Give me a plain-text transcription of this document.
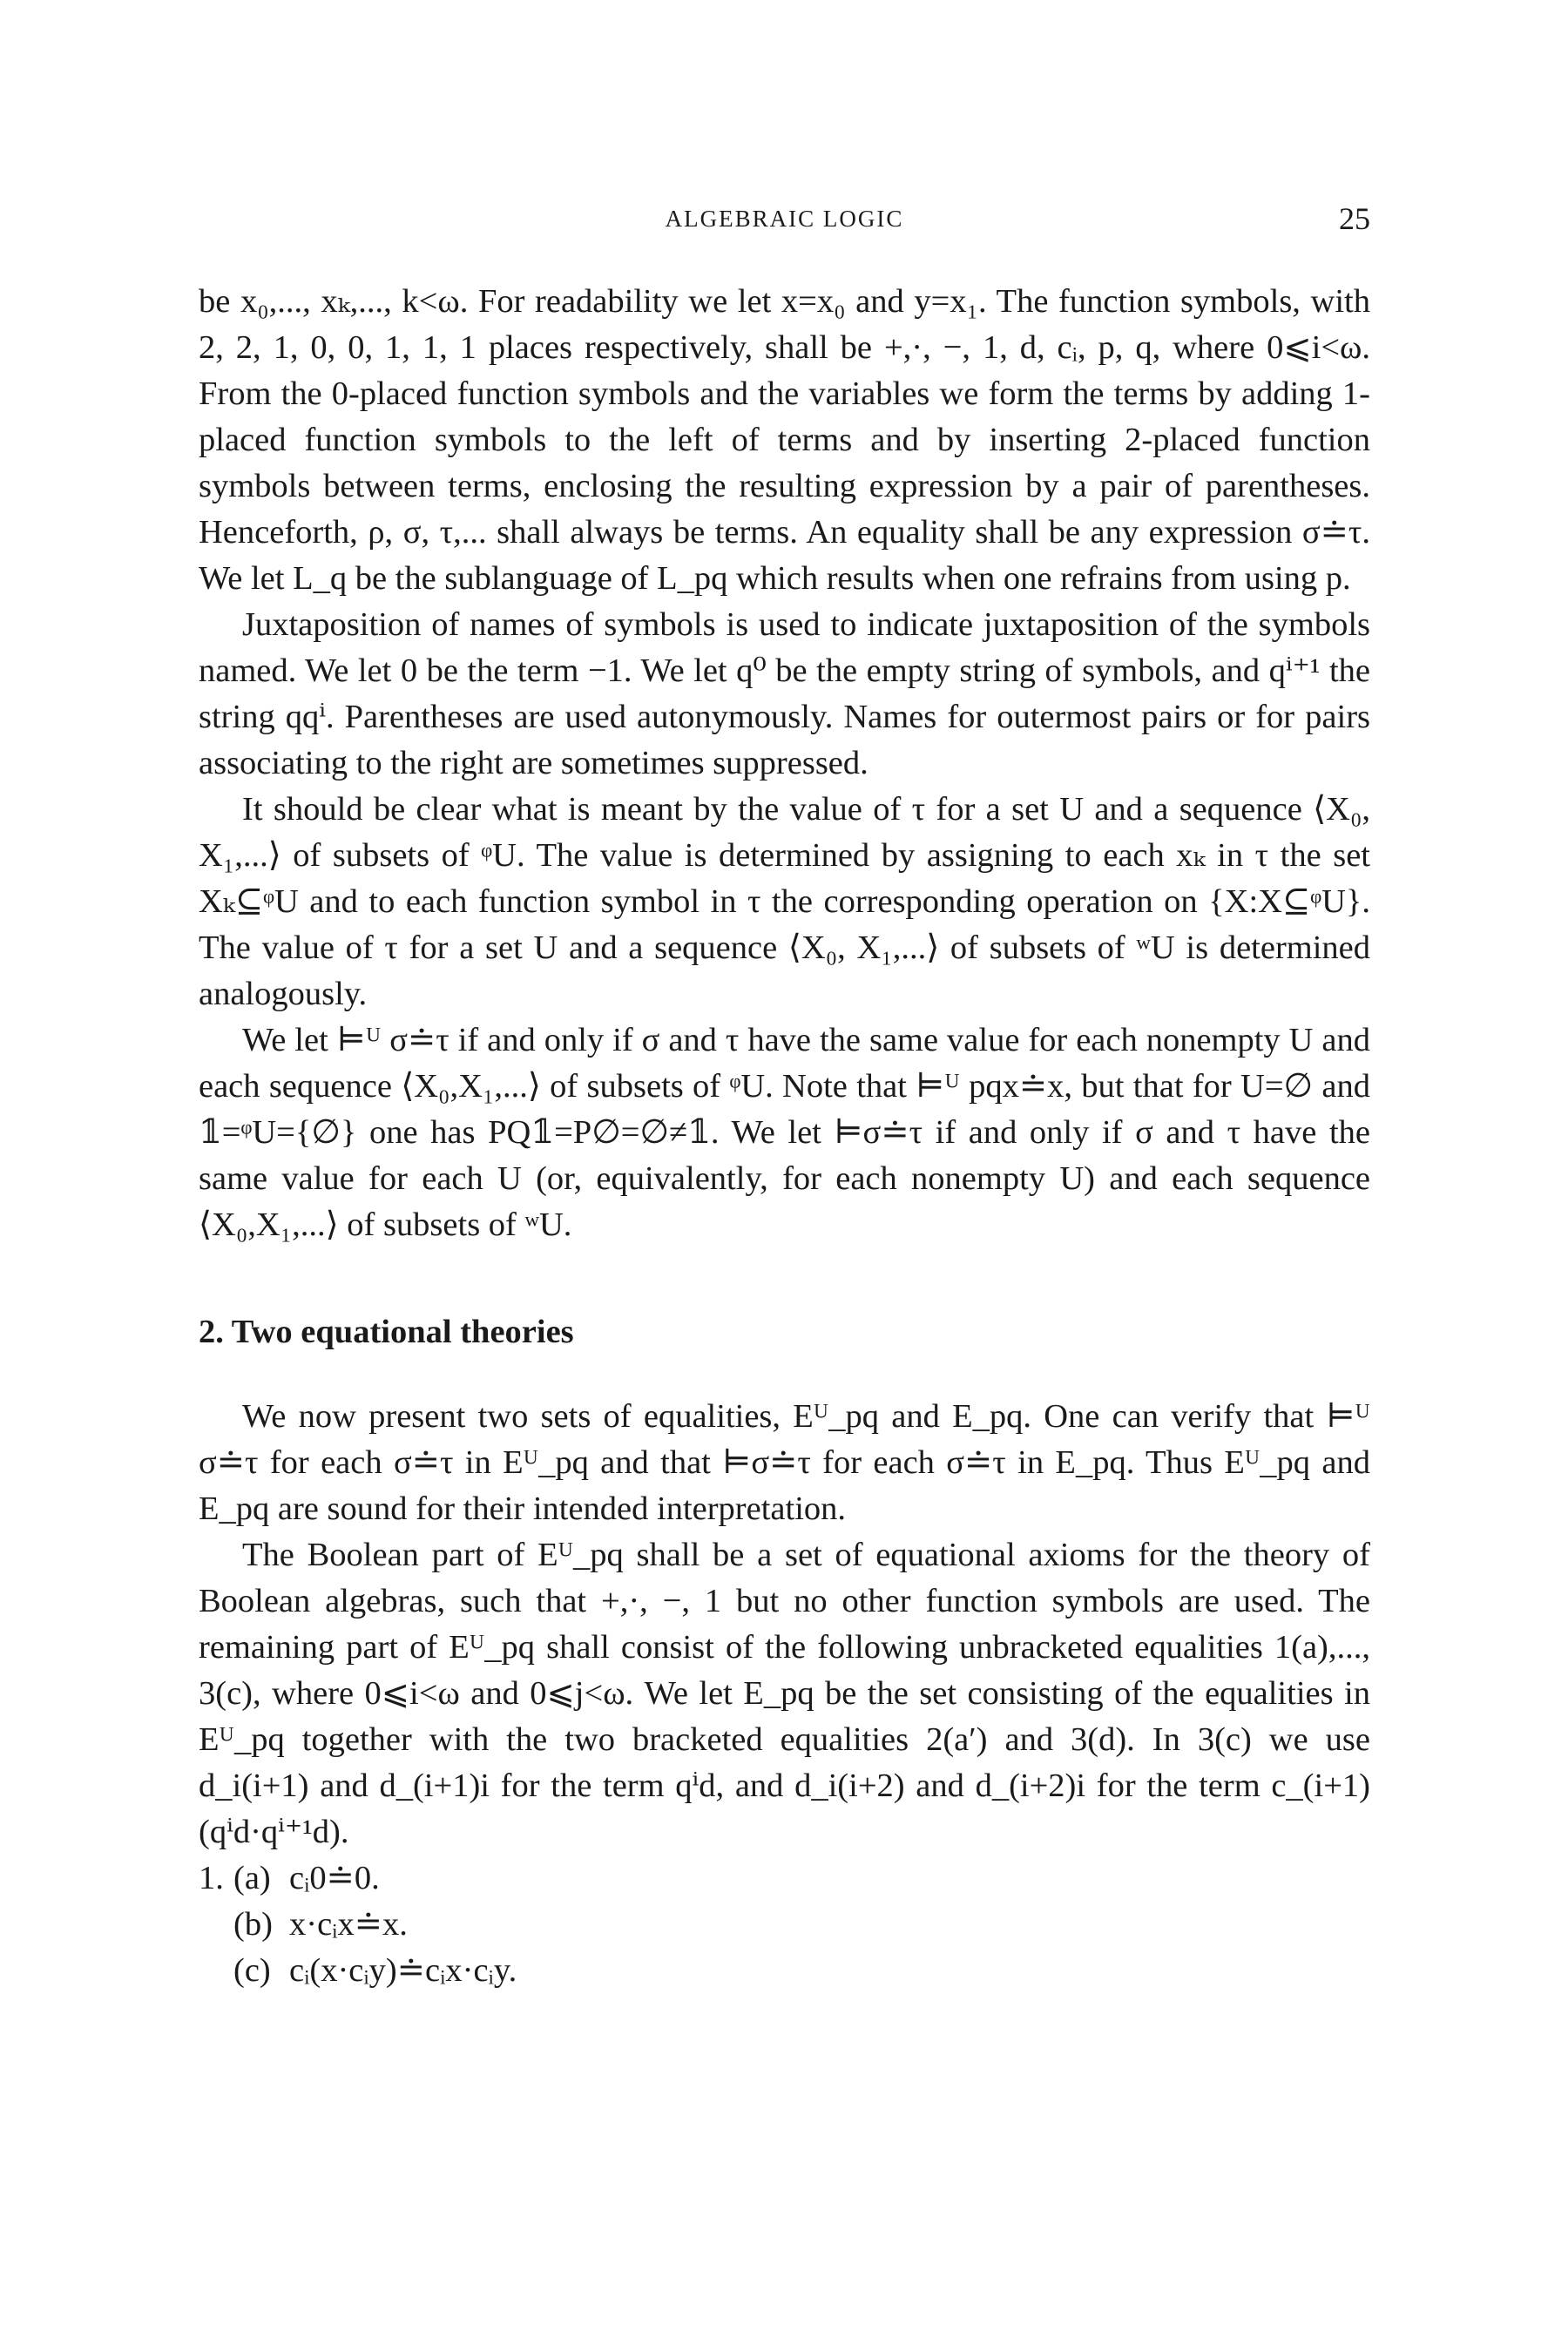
ALGEBRAIC LOGIC	25

be x₀,..., xₖ,..., k<ω. For readability we let x=x₀ and y=x₁. The function symbols, with 2, 2, 1, 0, 0, 1, 1, 1 places respectively, shall be +,·, −, 1, d, cᵢ, p, q, where 0⩽i<ω. From the 0-placed function symbols and the variables we form the terms by adding 1-placed function symbols to the left of terms and by inserting 2-placed function symbols between terms, enclosing the resulting expression by a pair of parentheses. Henceforth, ρ, σ, τ,... shall always be terms. An equality shall be any expression σ≐τ. We let L_q be the sublanguage of L_pq which results when one refrains from using p.

Juxtaposition of names of symbols is used to indicate juxtaposition of the symbols named. We let 0 be the term −1. We let q⁰ be the empty string of symbols, and qⁱ⁺¹ the string qqⁱ. Parentheses are used autonymously. Names for outermost pairs or for pairs associating to the right are sometimes suppressed.

It should be clear what is meant by the value of τ for a set U and a sequence ⟨X₀, X₁,...⟩ of subsets of ᵠU. The value is determined by assigning to each xₖ in τ the set Xₖ⊆ᵠU and to each function symbol in τ the corresponding operation on {X:X⊆ᵠU}. The value of τ for a set U and a sequence ⟨X₀, X₁,...⟩ of subsets of ʷU is determined analogously.

We let ⊨ᵁ σ≐τ if and only if σ and τ have the same value for each nonempty U and each sequence ⟨X₀,X₁,...⟩ of subsets of ᵠU. Note that ⊨ᵁ pqx≐x, but that for U=∅ and 𝟙=ᵠU={∅} one has PQ𝟙=P∅=∅≠𝟙. We let ⊨σ≐τ if and only if σ and τ have the same value for each U (or, equivalently, for each nonempty U) and each sequence ⟨X₀,X₁,...⟩ of subsets of ʷU.

2. Two equational theories

We now present two sets of equalities, Eᵁ_pq and E_pq. One can verify that ⊨ᵁ σ≐τ for each σ≐τ in Eᵁ_pq and that ⊨σ≐τ for each σ≐τ in E_pq. Thus Eᵁ_pq and E_pq are sound for their intended interpretation.

The Boolean part of Eᵁ_pq shall be a set of equational axioms for the theory of Boolean algebras, such that +,·, −, 1 but no other function symbols are used. The remaining part of Eᵁ_pq shall consist of the following unbracketed equalities 1(a),..., 3(c), where 0⩽i<ω and 0⩽j<ω. We let E_pq be the set consisting of the equalities in Eᵁ_pq together with the two bracketed equalities 2(a′) and 3(d). In 3(c) we use d_i(i+1) and d_(i+1)i for the term qⁱd, and d_i(i+2) and d_(i+2)i for the term c_(i+1)(qⁱd·qⁱ⁺¹d).

1. (a) cᵢ0≐0.
(b) x·cᵢx≐x.
(c) cᵢ(x·cᵢy)≐cᵢx·cᵢy.
